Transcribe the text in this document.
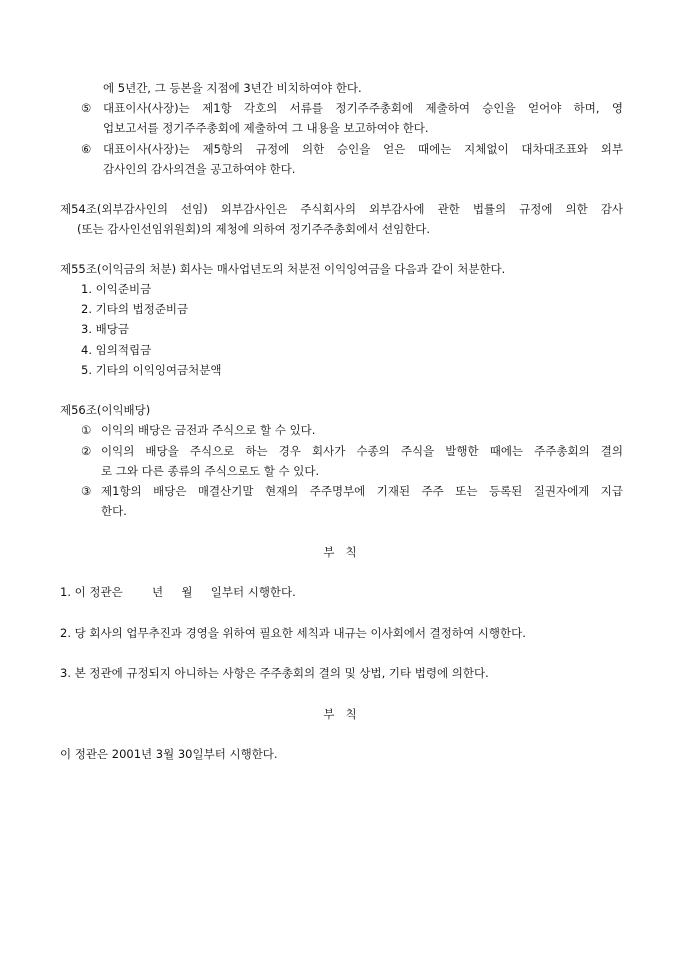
에 5년간, 그 등본을 지점에 3년간 비치하여야 한다.
⑤ 대표이사(사장)는 제1항 각호의 서류를 정기주주총회에 제출하여 승인을 얻어야 하며, 영
업보고서를 정기주주총회에 제출하여 그 내용을 보고하여야 한다.
⑥ 대표이사(사장)는 제5항의 규정에 의한 승인을 얻은 때에는 지체없이 대차대조표와 외부
감사인의 감사의견을 공고하여야 한다.
제54조(외부감사인의 선임) 외부감사인은 주식회사의 외부감사에 관한 법률의 규정에 의한 감사
(또는 감사인선임위원회)의 제청에 의하여 정기주주총회에서 선임한다.
제55조(이익금의 처분) 회사는 매사업년도의 처분전 이익잉여금을 다음과 같이 처분한다.
1. 이익준비금
2. 기타의 법정준비금
3. 배당금
4. 임의적립금
5. 기타의 이익잉여금처분액
제56조(이익배당)
① 이익의 배당은 금전과 주식으로 할 수 있다.
② 이익의 배당을 주식으로 하는 경우 회사가 수종의 주식을 발행한 때에는 주주총회의 결의
로 그와 다른 종류의 주식으로도 할 수 있다.
③ 제1항의 배당은 매결산기말 현재의 주주명부에 기재된 주주 또는 등록된 질권자에게 지급
한다.
부   칙
1. 이 정관은        년     월     일부터 시행한다.
2. 당 회사의 업무추진과 경영을 위하여 필요한 세칙과 내규는 이사회에서 결정하여 시행한다.
3. 본 정관에 규정되지 아니하는 사항은 주주총회의 결의 및 상법, 기타 법령에 의한다.
부   칙
이 정관은 2001년 3월 30일부터 시행한다.
